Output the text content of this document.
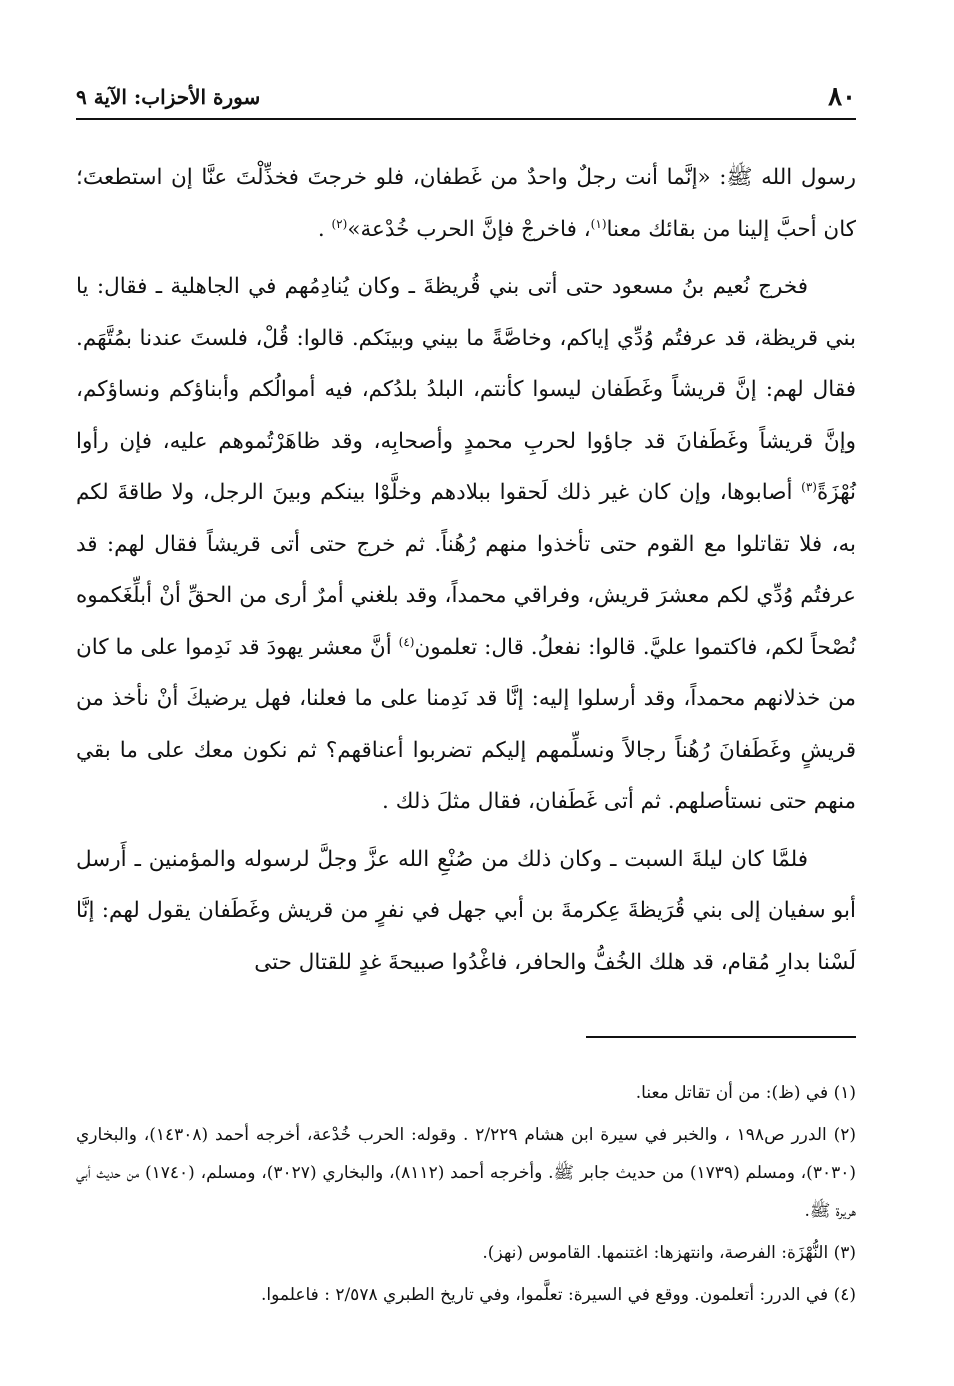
٨٠
سورة الأحزاب: الآية ٩

رسول الله ﷺ: «إنَّما أنت رجلٌ واحدٌ من غَطفان، فلو خرجتَ فخذِّلْتَ عنَّا إن استطعتَ؛ كان أحبَّ إلينا من بقائك معنا$^{(١)}$، فاخرجْ فإنَّ الحرب خُدْعة»$^{(٢)}$ .

فخرج نُعيم بنُ مسعود حتى أتى بني قُريظةَ ـ وكان يُنادِمُهم في الجاهلية ـ فقال: يا بني قريظة، قد عرفتُم وُدِّي إياكم، وخاصَّةً ما بيني وبينَكم. قالوا: قُلْ، فلستَ عندنا بمُتَّهَم. فقال لهم: إنَّ قريشاً وغَطَفان ليسوا كأنتم، البلدُ بلدُكم، فيه أموالُكم وأبناؤكم ونساؤكم، وإنَّ قريشاً وغَطَفانَ قد جاؤوا لحربِ محمدٍ وأصحابِه، وقد ظاهَرْتُموهم عليه، فإن رأوا نُهْزَةً$^{(٣)}$ أصابوها، وإن كان غير ذلك لَحقوا ببلادهم وخلَّوْا بينكم وبينَ الرجل، ولا طاقةَ لكم به، فلا تقاتلوا مع القوم حتى تأخذوا منهم رُهُناً. ثم خرج حتى أتى قريشاً فقال لهم: قد عرفتُم وُدِّي لكم معشرَ قريش، وفراقي محمداً، وقد بلغني أمرٌ أرى من الحقِّ أنْ أبلِّغَكموه نُصْحاً لكم، فاكتموا عليَّ. قالوا: نفعلُ. قال: تعلمون$^{(٤)}$ أنَّ معشر يهودَ قد نَدِموا على ما كان من خذلانهم محمداً، وقد أرسلوا إليه: إنَّا قد نَدِمنا على ما فعلنا، فهل يرضيكَ أنْ نأخذ من قريشٍ وغَطَفانَ رُهُناً رجالاً ونسلِّمهم إليكم تضربوا أعناقهم؟ ثم نكون معك على ما بقي منهم حتى نستأصلهم. ثم أتى غَطَفان، فقال مثلَ ذلك .

فلمَّا كان ليلةَ السبت ـ وكان ذلك من صُنْعِ الله عزَّ وجلَّ لرسوله والمؤمنين ـ أَرسل أبو سفيان إلى بني قُرَيظةَ عِكرمةَ بن أبي جهل في نفرٍ من قريش وغَطَفان يقول لهم: إنَّا لَسْنا بدارِ مُقام، قد هلك الخُفُّ والحافر، فاغْدُوا صبيحةَ غدٍ للقتال حتى

(١) في (ظ): من أن تقاتل معنا.

(٢) الدرر ص١٩٨ ، والخبر في سيرة ابن هشام ٢/٢٢٩ . وقوله: الحرب خُدْعة، أخرجه أحمد (١٤٣٠٨)، والبخاري (٣٠٣٠)، ومسلم (١٧٣٩) من حديث جابر ﷺ. وأخرجه أحمد (٨١١٢)، والبخاري (٣٠٢٧)، ومسلم، (١٧٤٠) من حديث أبي هريرة ﷺ.

(٣) النُّهْزَة: الفرصة، وانتهزها: اغتنمها. القاموس (نهز).

(٤) في الدرر: أتعلمون. ووقع في السيرة: تعلَّموا، وفي تاريخ الطبري ٢/٥٧٨ : فاعلموا.
